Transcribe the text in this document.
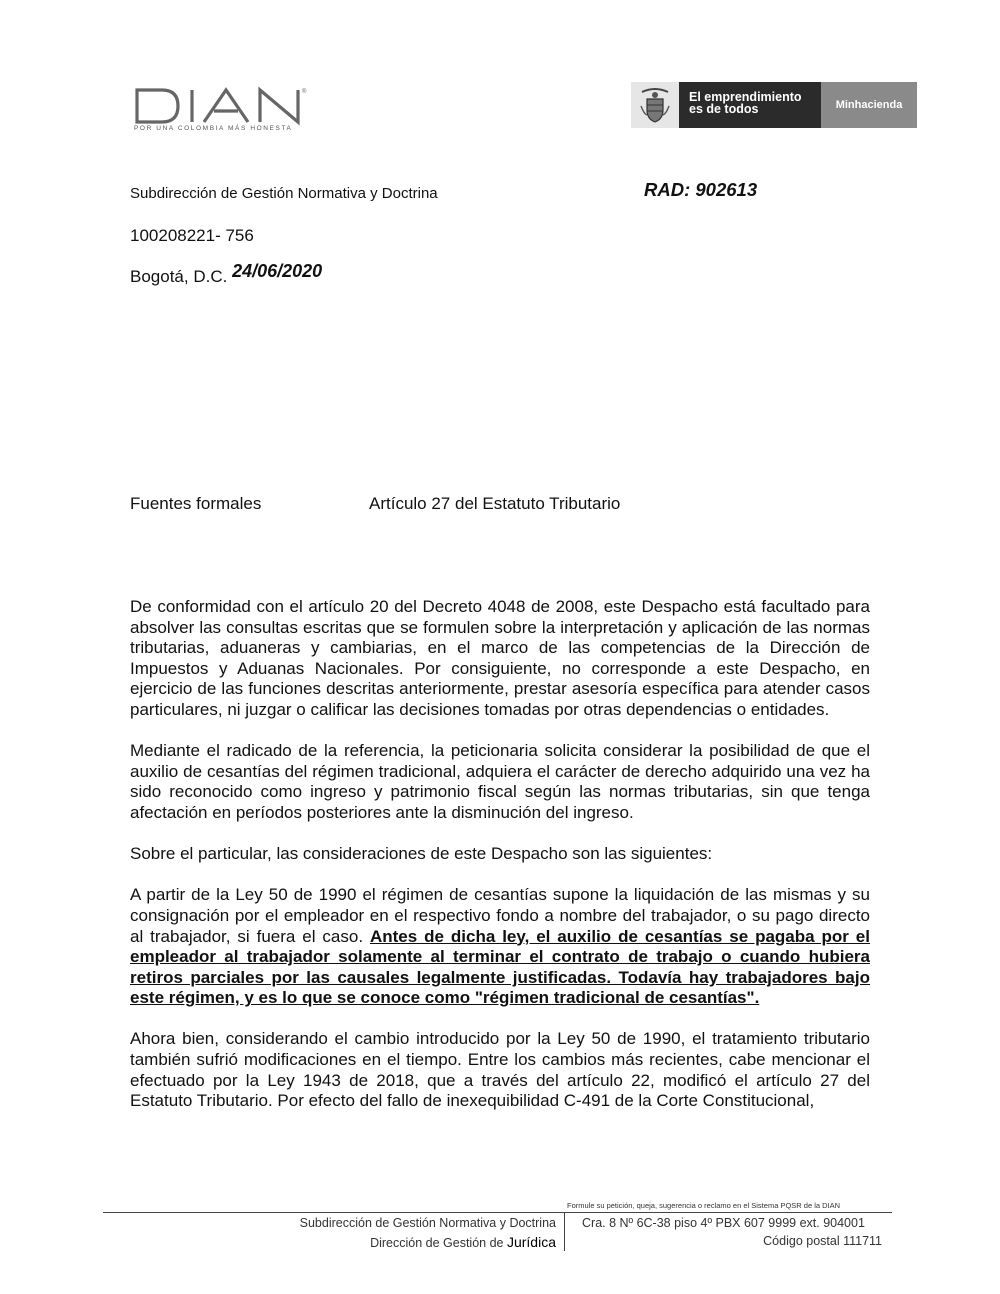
®
POR UNA COLOMBIA MÁS HONESTA
El emprendimiento
es de todos	Minhacienda
Subdirección de Gestión Normativa y Doctrina	RAD: 902613
100208221- 756
Bogotá, D.C. 24/06/2020
Fuentes formales	Artículo 27 del Estatuto Tributario

De conformidad con el artículo 20 del Decreto 4048 de 2008, este Despacho está facultado para absolver las consultas escritas que se formulen sobre la interpretación y aplicación de las normas tributarias, aduaneras y cambiarias, en el marco de las competencias de la Dirección de Impuestos y Aduanas Nacionales. Por consiguiente, no corresponde a este Despacho, en ejercicio de las funciones descritas anteriormente, prestar asesoría específica para atender casos particulares, ni juzgar o calificar las decisiones tomadas por otras dependencias o entidades.

Mediante el radicado de la referencia, la peticionaria solicita considerar la posibilidad de que el auxilio de cesantías del régimen tradicional, adquiera el carácter de derecho adquirido una vez ha sido reconocido como ingreso y patrimonio fiscal según las normas tributarias, sin que tenga afectación en períodos posteriores ante la disminución del ingreso.

Sobre el particular, las consideraciones de este Despacho son las siguientes:

A partir de la Ley 50 de 1990 el régimen de cesantías supone la liquidación de las mismas y su consignación por el empleador en el respectivo fondo a nombre del trabajador, o su pago directo al trabajador, si fuera el caso. Antes de dicha ley, el auxilio de cesantías se pagaba por el empleador al trabajador solamente al terminar el contrato de trabajo o cuando hubiera retiros parciales por las causales legalmente justificadas. Todavía hay trabajadores bajo este régimen, y es lo que se conoce como "régimen tradicional de cesantías".

Ahora bien, considerando el cambio introducido por la Ley 50 de 1990, el tratamiento tributario también sufrió modificaciones en el tiempo. Entre los cambios más recientes, cabe mencionar el efectuado por la Ley 1943 de 2018, que a través del artículo 22, modificó el artículo 27 del Estatuto Tributario. Por efecto del fallo de inexequibilidad C-491 de la Corte Constitucional,

Formule su petición, queja, sugerencia o reclamo en el Sistema PQSR de la DIAN
Subdirección de Gestión Normativa y Doctrina
Dirección de Gestión de Jurídica
Cra. 8 Nº 6C-38 piso 4º PBX 607 9999 ext. 904001
Código postal 111711
